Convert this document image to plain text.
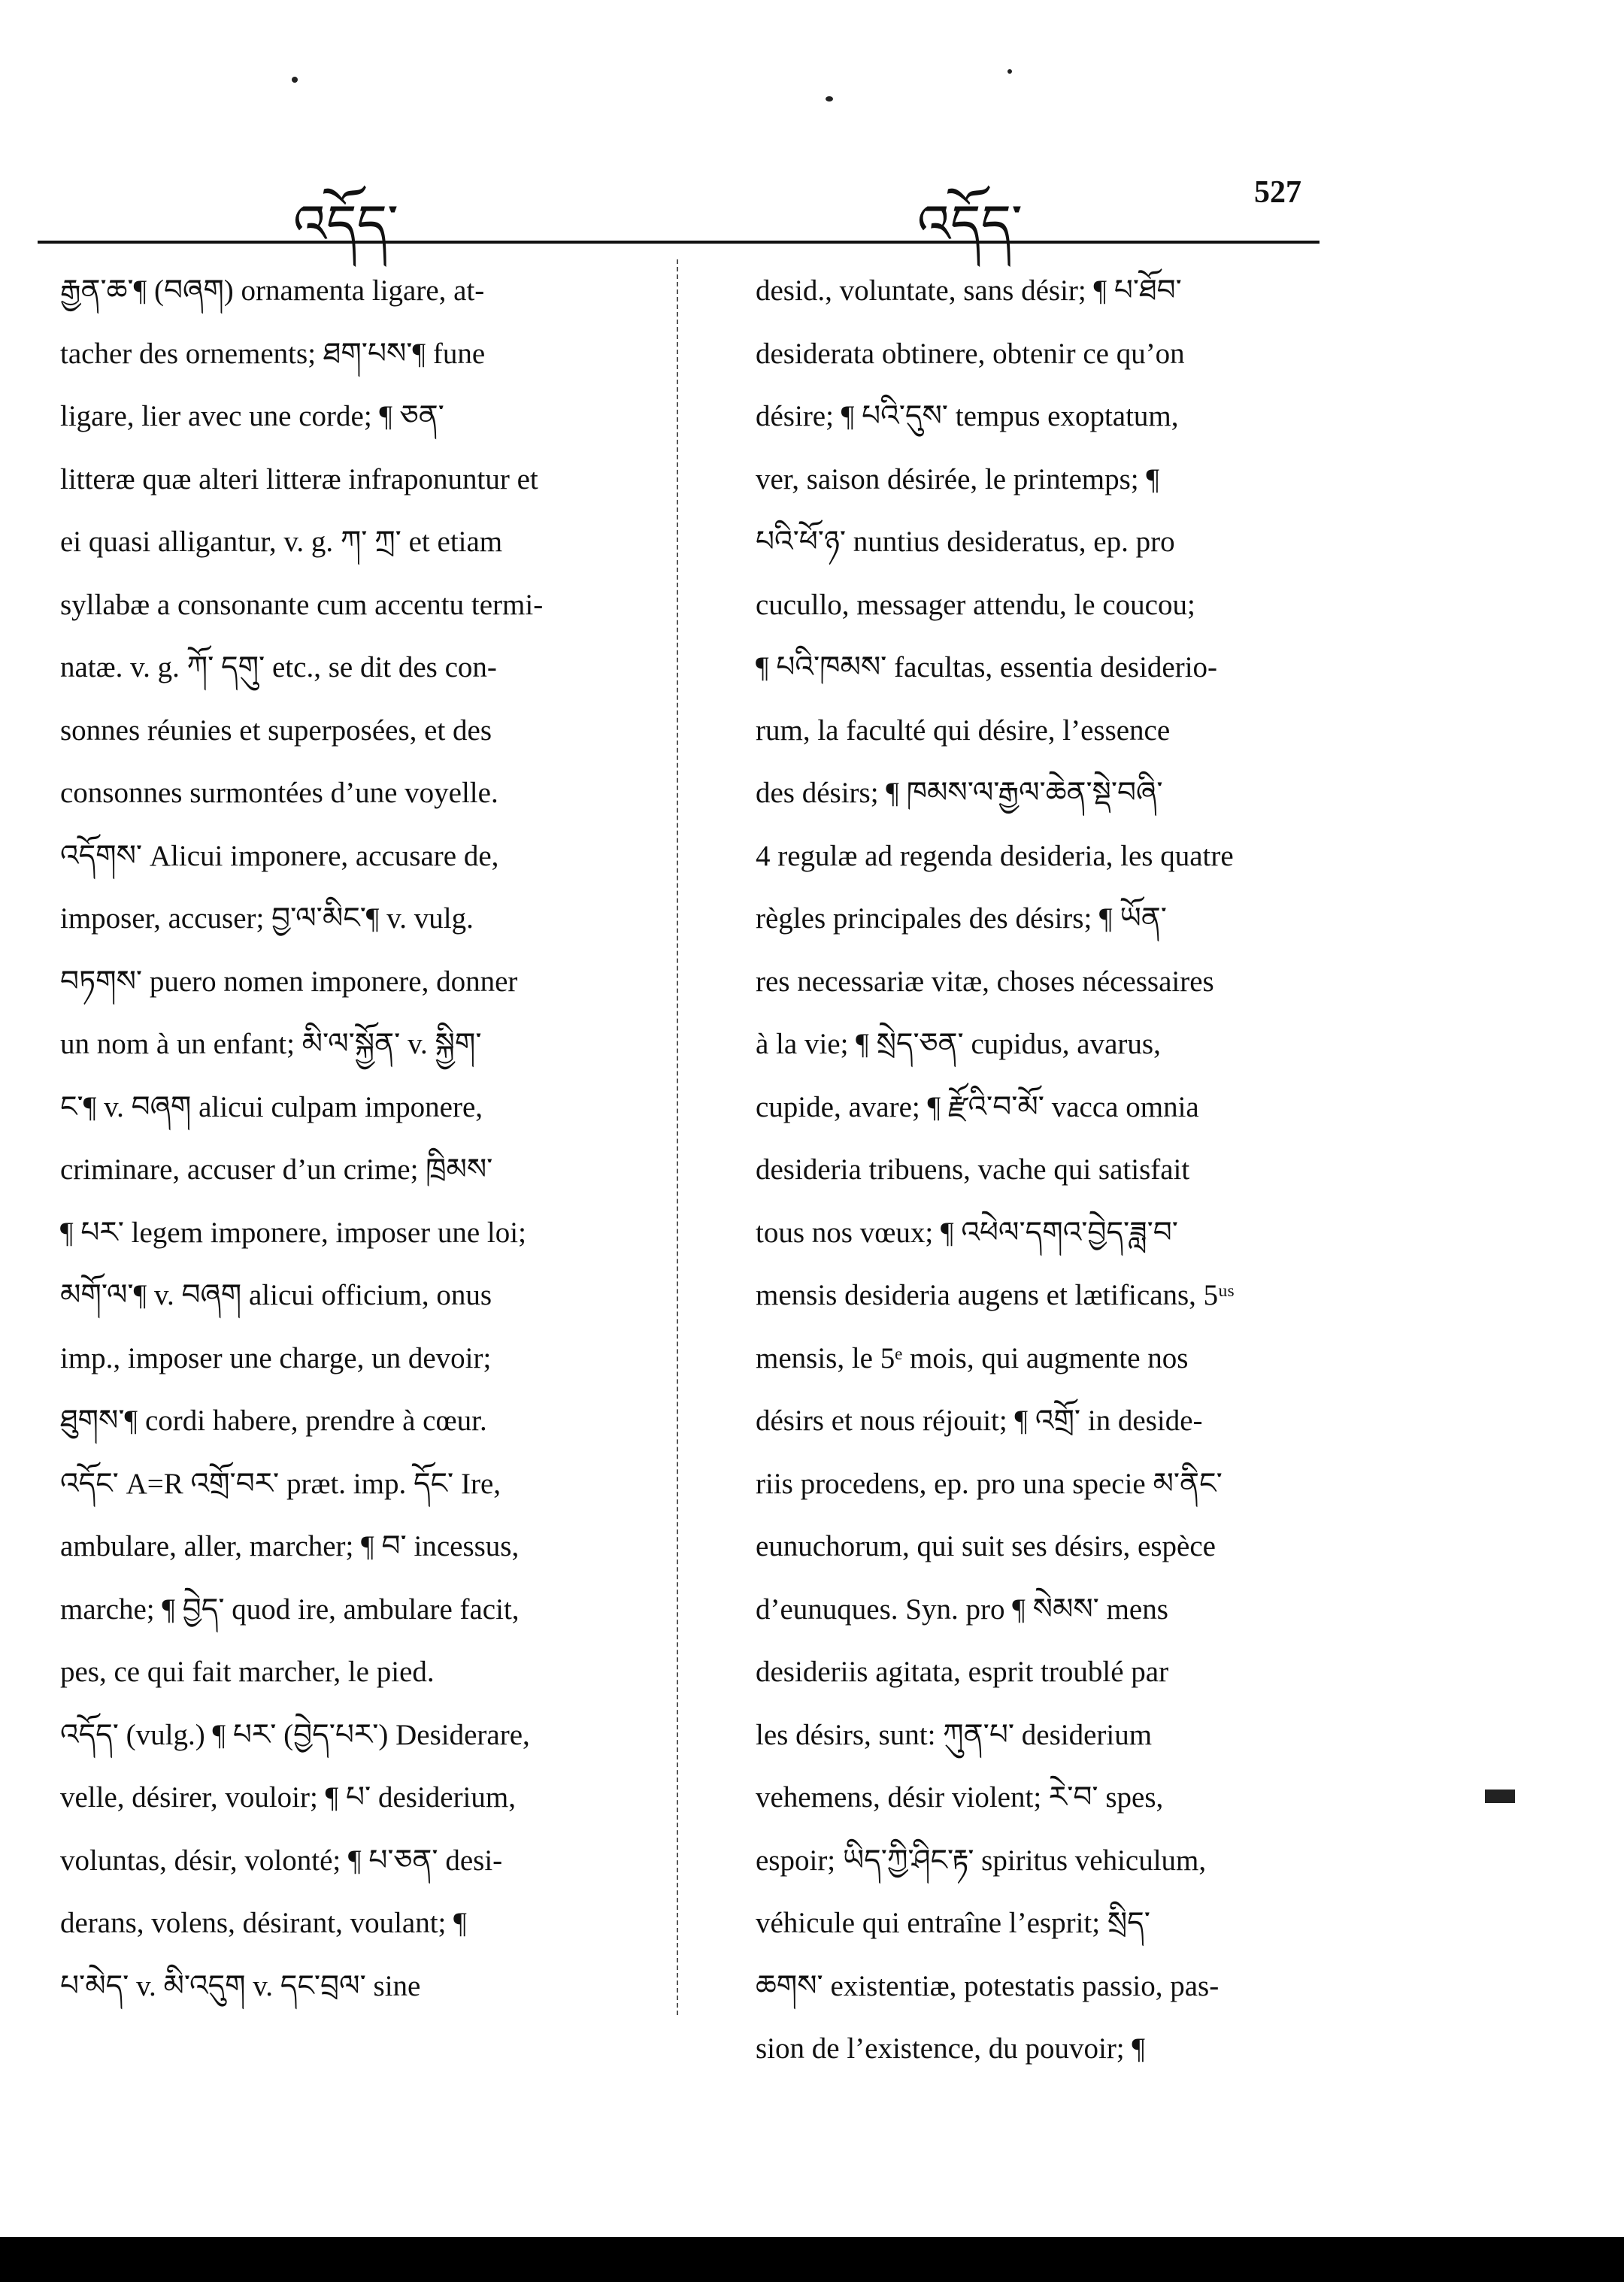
འདོད་	འདོད་
527
རྒྱན་ཆ་¶ (བཞག) ornamenta ligare, at-
tacher des ornements; ཐག་པས་¶ fune
ligare, lier avec une corde; ¶ ཅན་
litteræ quæ alteri litteræ infraponuntur et
ei quasi alligantur, v. g. ཀ་ ཀྲ་ et etiam
syllabæ a consonante cum accentu termi-
natæ. v. g. ཀོ་ དགུ་ etc., se dit des con-
sonnes réunies et superposées, et des
consonnes surmontées d’une voyelle.
འདོགས་ Alicui imponere, accusare de,
imposer, accuser; བྱ་ལ་མིང་¶ v. vulg.
བཏགས་ puero nomen imponere, donner
un nom à un enfant; མི་ལ་སྐྱོན་ v. སྐྱིག་
ང་¶ v. བཞག alicui culpam imponere,
criminare, accuser d’un crime; ཁྲིམས་
¶ པར་ legem imponere, imposer une loi;
མགོ་ལ་¶ v. བཞག alicui officium, onus
imp., imposer une charge, un devoir;
ཐུགས་¶ cordi habere, prendre à cœur.
འདོང་ A=R འགྲོ་བར་ præt. imp. དོང་ Ire,
ambulare, aller, marcher; ¶ བ་ incessus,
marche; ¶ བྱེད་ quod ire, ambulare facit,
pes, ce qui fait marcher, le pied.
འདོད་ (vulg.) ¶ པར་ (བྱེད་པར་) Desiderare,
velle, désirer, vouloir; ¶ པ་ desiderium,
voluntas, désir, volonté; ¶ པ་ཅན་ desi-
derans, volens, désirant, voulant; ¶
པ་མེད་ v. མི་འདུག v. དང་བྲལ་ sine
desid., voluntate, sans désir; ¶ པ་ཐོབ་
desiderata obtinere, obtenir ce qu’on
désire; ¶ པའི་དུས་ tempus exoptatum,
ver, saison désirée, le printemps; ¶
པའི་ཕོ་ཉ་ nuntius desideratus, ep. pro
cucullo, messager attendu, le coucou;
¶ པའི་ཁམས་ facultas, essentia desiderio-
rum, la faculté qui désire, l’essence
des désirs; ¶ ཁམས་ལ་རྒྱལ་ཆེན་སྡེ་བཞི་
4 regulæ ad regenda desideria, les quatre
règles principales des désirs; ¶ ཡོན་
res necessariæ vitæ, choses nécessaires
à la vie; ¶ སྲེད་ཅན་ cupidus, avarus,
cupide, avare; ¶ རྫོའི་བ་མོ་ vacca omnia
desideria tribuens, vache qui satisfait
tous nos vœux; ¶ འཕེལ་དགའ་བྱེད་ཟླ་བ་
mensis desideria augens et lætificans, 5ᵘˢ
mensis, le 5ᵉ mois, qui augmente nos
désirs et nous réjouit; ¶ འགྲོ་ in deside-
riis procedens, ep. pro una specie མ་ནིང་
eunuchorum, qui suit ses désirs, espèce
d’eunuques. Syn. pro ¶ སེམས་ mens
desideriis agitata, esprit troublé par
les désirs, sunt: ཀུན་པ་ desiderium
vehemens, désir violent; རེ་བ་ spes,
espoir; ཡིད་ཀྱི་ཤིང་རྟ་ spiritus vehiculum,
véhicule qui entraîne l’esprit; སྲིད་
ཆགས་ existentiæ, potestatis passio, pas-
sion de l’existence, du pouvoir; ¶
